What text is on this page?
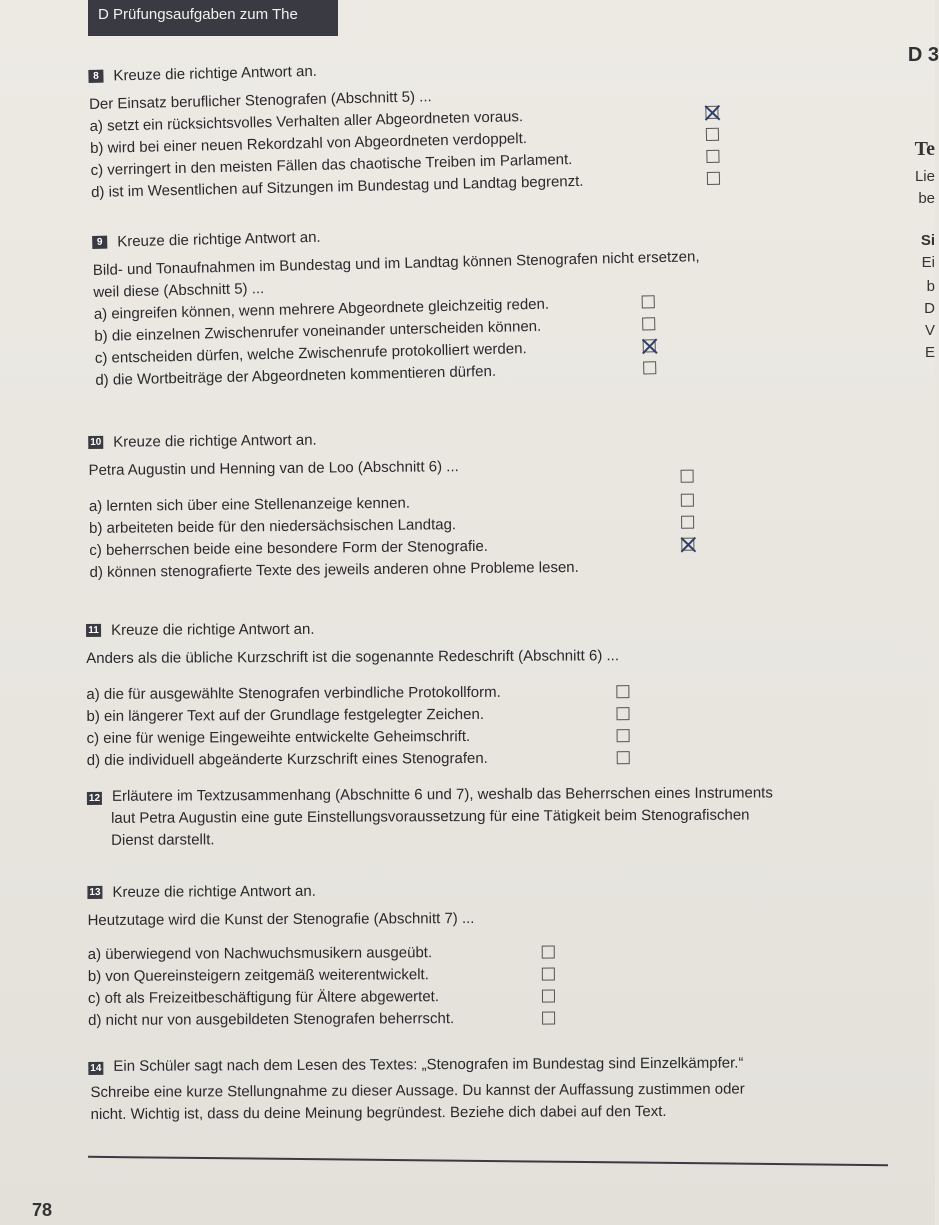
D Prüfungsaufgaben zum The
D 3
Te
Lie
be
Si
Ei
b
D
V
E
8 Kreuze die richtige Antwort an.
Der Einsatz beruflicher Stenografen (Abschnitt 5) ...
a) setzt ein rücksichtsvolles Verhalten aller Abgeordneten voraus.
b) wird bei einer neuen Rekordzahl von Abgeordneten verdoppelt.
c) verringert in den meisten Fällen das chaotische Treiben im Parlament.
d) ist im Wesentlichen auf Sitzungen im Bundestag und Landtag begrenzt.
9 Kreuze die richtige Antwort an.
Bild- und Tonaufnahmen im Bundestag und im Landtag können Stenografen nicht ersetzen,
weil diese (Abschnitt 5) ...
a) eingreifen können, wenn mehrere Abgeordnete gleichzeitig reden.
b) die einzelnen Zwischenrufer voneinander unterscheiden können.
c) entscheiden dürfen, welche Zwischenrufe protokolliert werden.
d) die Wortbeiträge der Abgeordneten kommentieren dürfen.
10 Kreuze die richtige Antwort an.
Petra Augustin und Henning van de Loo (Abschnitt 6) ...
a) lernten sich über eine Stellenanzeige kennen.
b) arbeiteten beide für den niedersächsischen Landtag.
c) beherrschen beide eine besondere Form der Stenografie.
d) können stenografierte Texte des jeweils anderen ohne Probleme lesen.
11 Kreuze die richtige Antwort an.
Anders als die übliche Kurzschrift ist die sogenannte Redeschrift (Abschnitt 6) ...
a) die für ausgewählte Stenografen verbindliche Protokollform.
b) ein längerer Text auf der Grundlage festgelegter Zeichen.
c) eine für wenige Eingeweihte entwickelte Geheimschrift.
d) die individuell abgeänderte Kurzschrift eines Stenografen.
12 Erläutere im Textzusammenhang (Abschnitte 6 und 7), weshalb das Beherrschen eines Instruments
laut Petra Augustin eine gute Einstellungsvoraussetzung für eine Tätigkeit beim Stenografischen
Dienst darstellt.
13 Kreuze die richtige Antwort an.
Heutzutage wird die Kunst der Stenografie (Abschnitt 7) ...
a) überwiegend von Nachwuchsmusikern ausgeübt.
b) von Quereinsteigern zeitgemäß weiterentwickelt.
c) oft als Freizeitbeschäftigung für Ältere abgewertet.
d) nicht nur von ausgebildeten Stenografen beherrscht.
14 Ein Schüler sagt nach dem Lesen des Textes: „Stenografen im Bundestag sind Einzelkämpfer.“
Schreibe eine kurze Stellungnahme zu dieser Aussage. Du kannst der Auffassung zustimmen oder
nicht. Wichtig ist, dass du deine Meinung begründest. Beziehe dich dabei auf den Text.
78
